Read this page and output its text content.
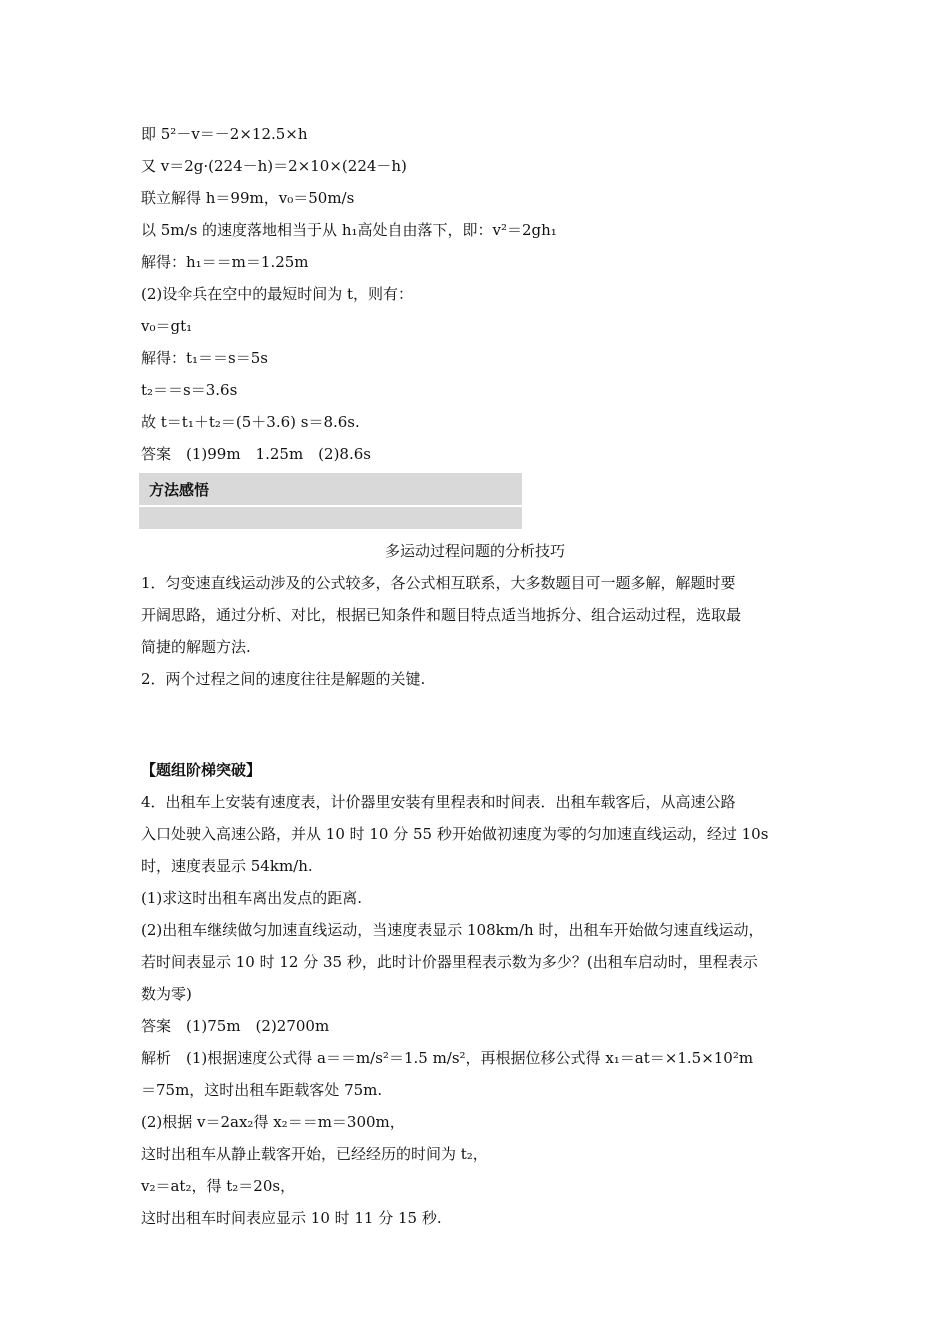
即 5²－v＝－2×12.5×h
又 v＝2g·(224－h)＝2×10×(224－h)
联立解得 h＝99m，v₀＝50m/s
以 5m/s 的速度落地相当于从 h₁高处自由落下，即：v²＝2gh₁
解得：h₁＝＝m＝1.25m
(2)设伞兵在空中的最短时间为 t，则有：
v₀＝gt₁
解得：t₁＝＝s＝5s
t₂＝＝s＝3.6s
故 t＝t₁＋t₂＝(5＋3.6) s＝8.6s.
答案　(1)99m　1.25m　(2)8.6s
方法感悟
多运动过程问题的分析技巧
1．匀变速直线运动涉及的公式较多，各公式相互联系，大多数题目可一题多解，解题时要
开阔思路，通过分析、对比，根据已知条件和题目特点适当地拆分、组合运动过程，选取最
简捷的解题方法.
2．两个过程之间的速度往往是解题的关键.
【题组阶梯突破】
4．出租车上安装有速度表，计价器里安装有里程表和时间表．出租车载客后，从高速公路
入口处驶入高速公路，并从 10 时 10 分 55 秒开始做初速度为零的匀加速直线运动，经过 10s
时，速度表显示 54km/h.
(1)求这时出租车离出发点的距离.
(2)出租车继续做匀加速直线运动，当速度表显示 108km/h 时，出租车开始做匀速直线运动，
若时间表显示 10 时 12 分 35 秒，此时计价器里程表示数为多少？(出租车启动时，里程表示
数为零)
答案　(1)75m　(2)2700m
解析　(1)根据速度公式得 a＝＝m/s²＝1.5 m/s²，再根据位移公式得 x₁＝at＝×1.5×10²m
＝75m，这时出租车距载客处 75m.
(2)根据 v＝2ax₂得 x₂＝＝m＝300m，
这时出租车从静止载客开始，已经经历的时间为 t₂，
v₂＝at₂，得 t₂＝20s，
这时出租车时间表应显示 10 时 11 分 15 秒.
